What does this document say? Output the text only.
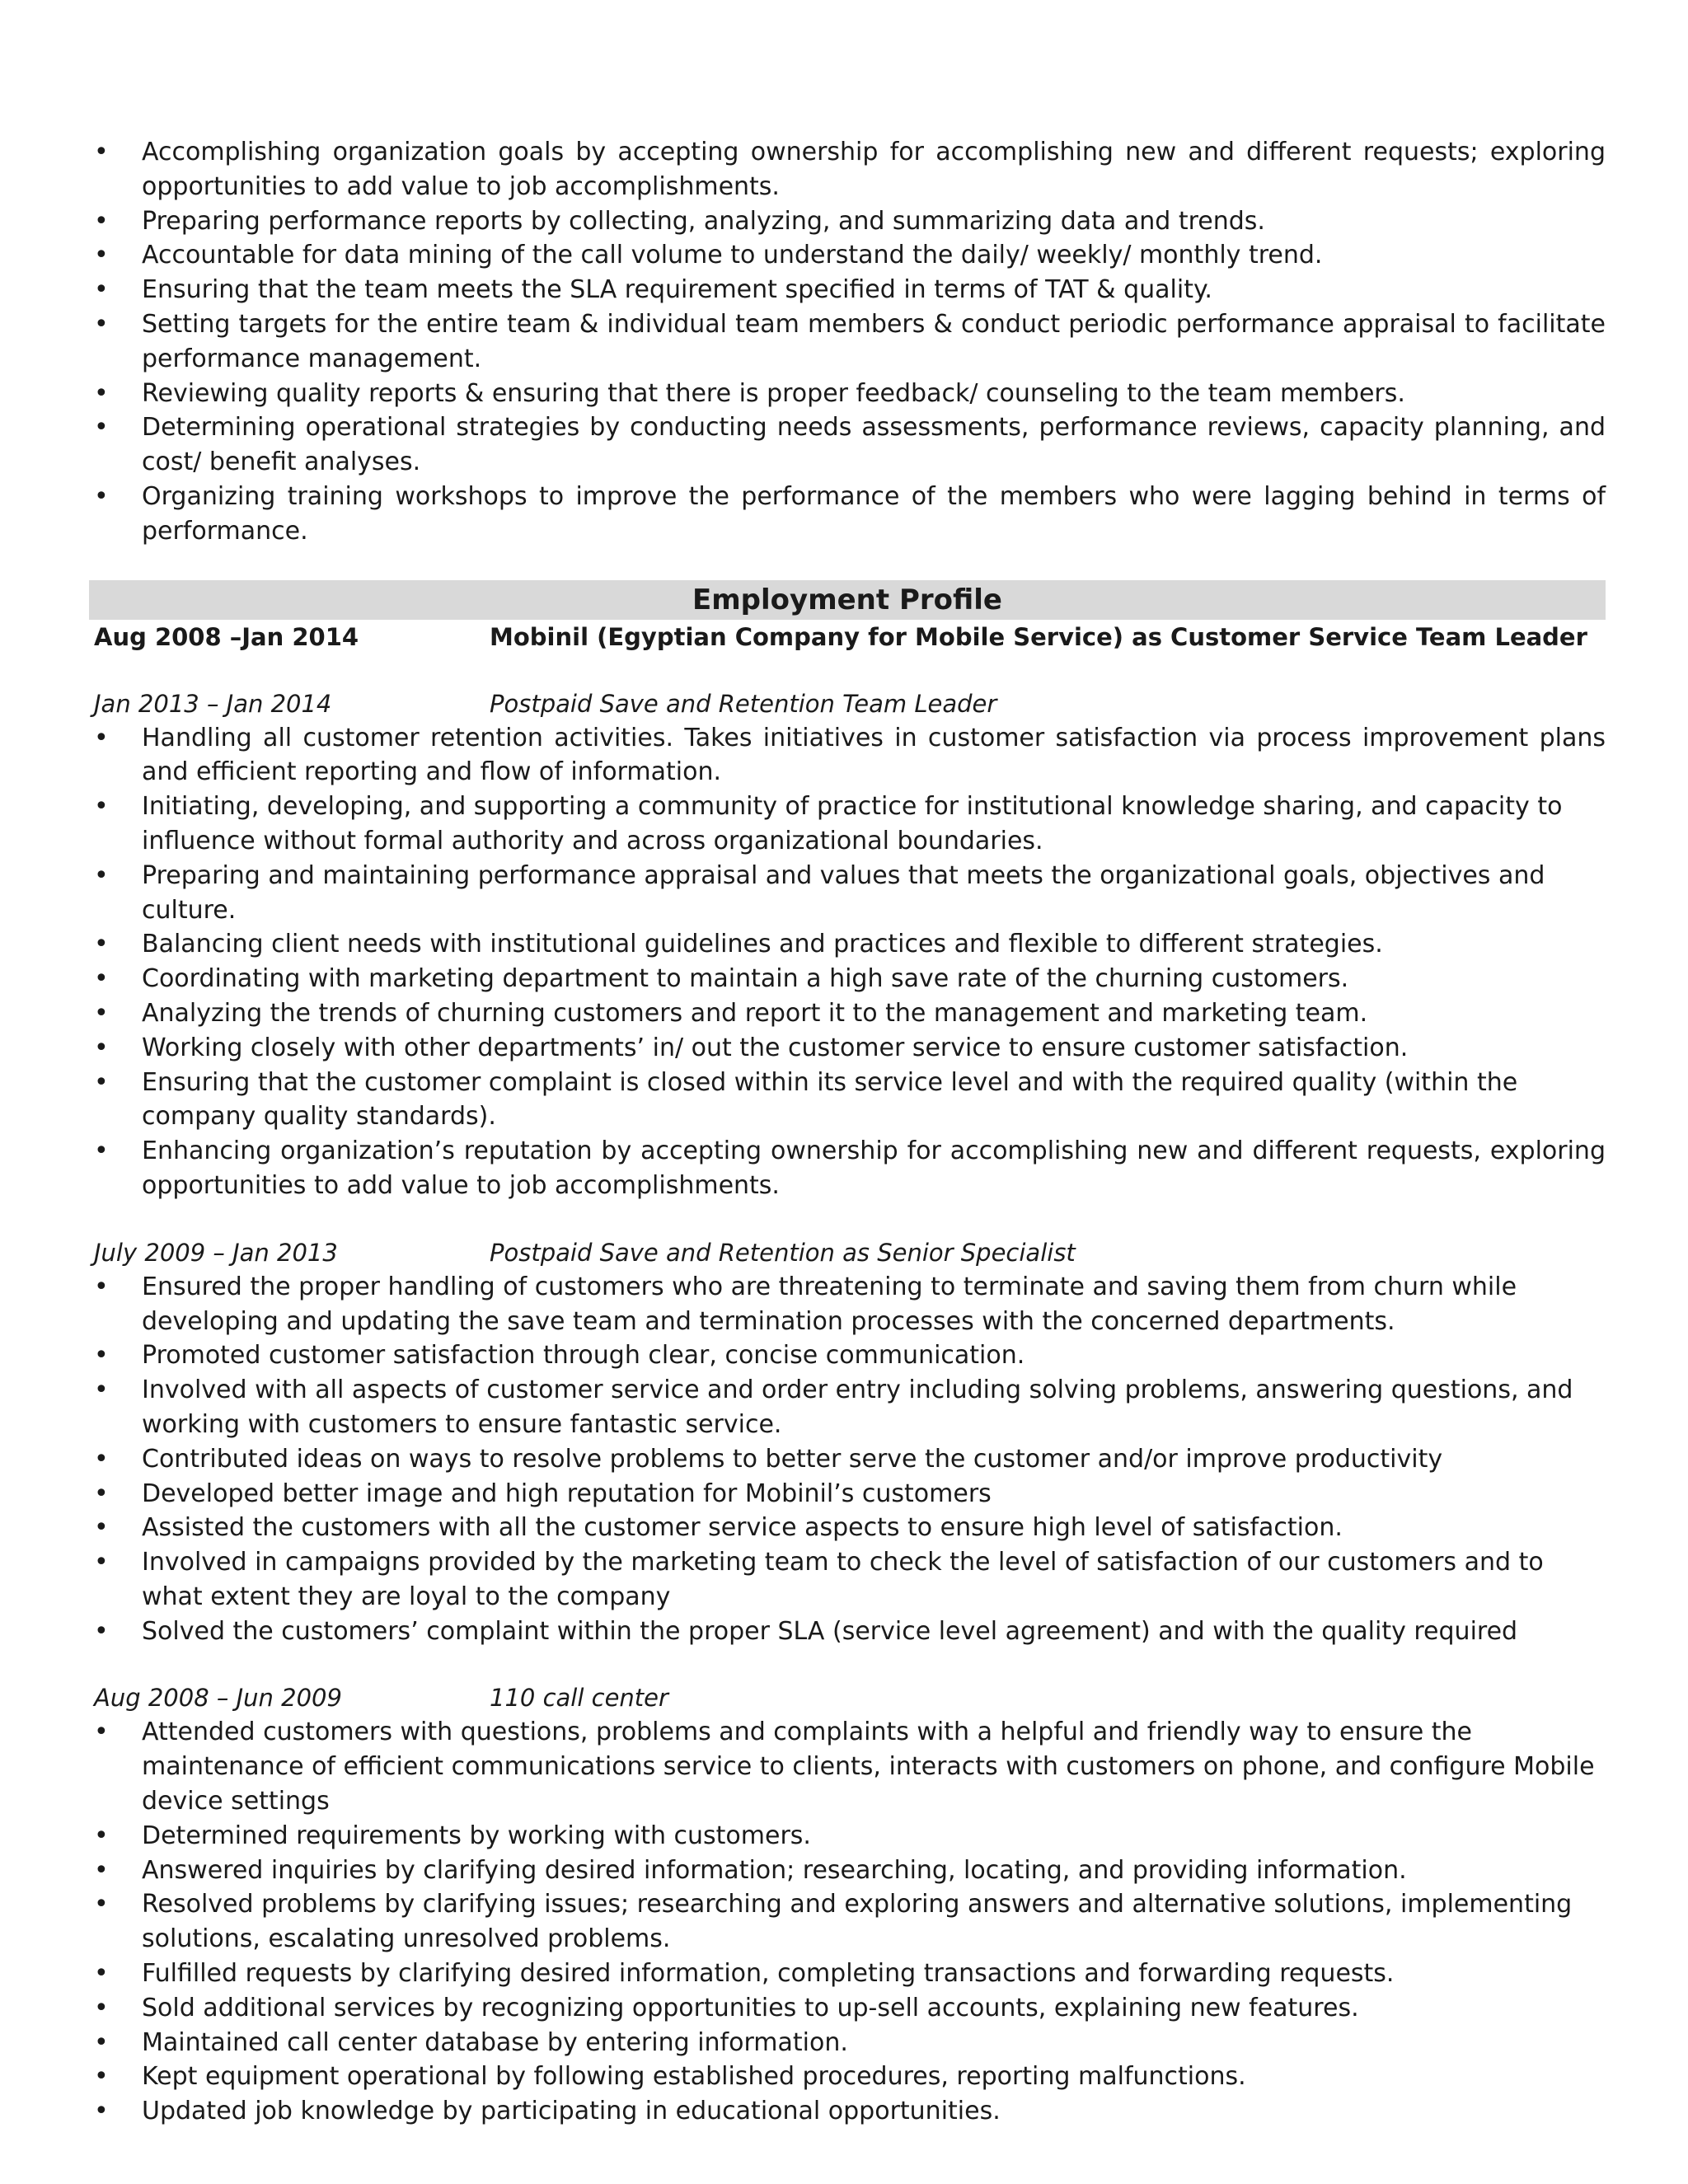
• Accomplishing organization goals by accepting ownership for accomplishing new and different requests; exploring opportunities to add value to job accomplishments.
• Preparing performance reports by collecting, analyzing, and summarizing data and trends.
• Accountable for data mining of the call volume to understand the daily/ weekly/ monthly trend.
• Ensuring that the team meets the SLA requirement specified in terms of TAT & quality.
• Setting targets for the entire team & individual team members & conduct periodic performance appraisal to facilitate performance management.
• Reviewing quality reports & ensuring that there is proper feedback/ counseling to the team members.
• Determining operational strategies by conducting needs assessments, performance reviews, capacity planning, and cost/ benefit analyses.
• Organizing training workshops to improve the performance of the members who were lagging behind in terms of performance.
Employment Profile
Aug 2008 –Jan 2014	Mobinil (Egyptian Company for Mobile Service) as Customer Service Team Leader
Jan 2013 – Jan 2014	Postpaid Save and Retention Team Leader
• Handling all customer retention activities. Takes initiatives in customer satisfaction via process improvement plans and efficient reporting and flow of information.
• Initiating, developing, and supporting a community of practice for institutional knowledge sharing, and capacity to influence without formal authority and across organizational boundaries.
• Preparing and maintaining performance appraisal and values that meets the organizational goals, objectives and culture.
• Balancing client needs with institutional guidelines and practices and flexible to different strategies.
• Coordinating with marketing department to maintain a high save rate of the churning customers.
• Analyzing the trends of churning customers and report it to the management and marketing team.
• Working closely with other departments’ in/ out the customer service to ensure customer satisfaction.
• Ensuring that the customer complaint is closed within its service level and with the required quality (within the company quality standards).
• Enhancing organization’s reputation by accepting ownership for accomplishing new and different requests, exploring opportunities to add value to job accomplishments.
July 2009 – Jan 2013	Postpaid Save and Retention as Senior Specialist
• Ensured the proper handling of customers who are threatening to terminate and saving them from churn while developing and updating the save team and termination processes with the concerned departments.
• Promoted customer satisfaction through clear, concise communication.
• Involved with all aspects of customer service and order entry including solving problems, answering questions, and working with customers to ensure fantastic service.
• Contributed ideas on ways to resolve problems to better serve the customer and/or improve productivity
• Developed better image and high reputation for Mobinil’s customers
• Assisted the customers with all the customer service aspects to ensure high level of satisfaction.
• Involved in campaigns provided by the marketing team to check the level of satisfaction of our customers and to what extent they are loyal to the company
• Solved the customers’ complaint within the proper SLA (service level agreement) and with the quality required
Aug 2008 – Jun 2009	110 call center
• Attended customers with questions, problems and complaints with a helpful and friendly way to ensure the maintenance of efficient communications service to clients, interacts with customers on phone, and configure Mobile device settings
• Determined requirements by working with customers.
• Answered inquiries by clarifying desired information; researching, locating, and providing information.
• Resolved problems by clarifying issues; researching and exploring answers and alternative solutions, implementing solutions, escalating unresolved problems.
• Fulfilled requests by clarifying desired information, completing transactions and forwarding requests.
• Sold additional services by recognizing opportunities to up-sell accounts, explaining new features.
• Maintained call center database by entering information.
• Kept equipment operational by following established procedures, reporting malfunctions.
• Updated job knowledge by participating in educational opportunities.
